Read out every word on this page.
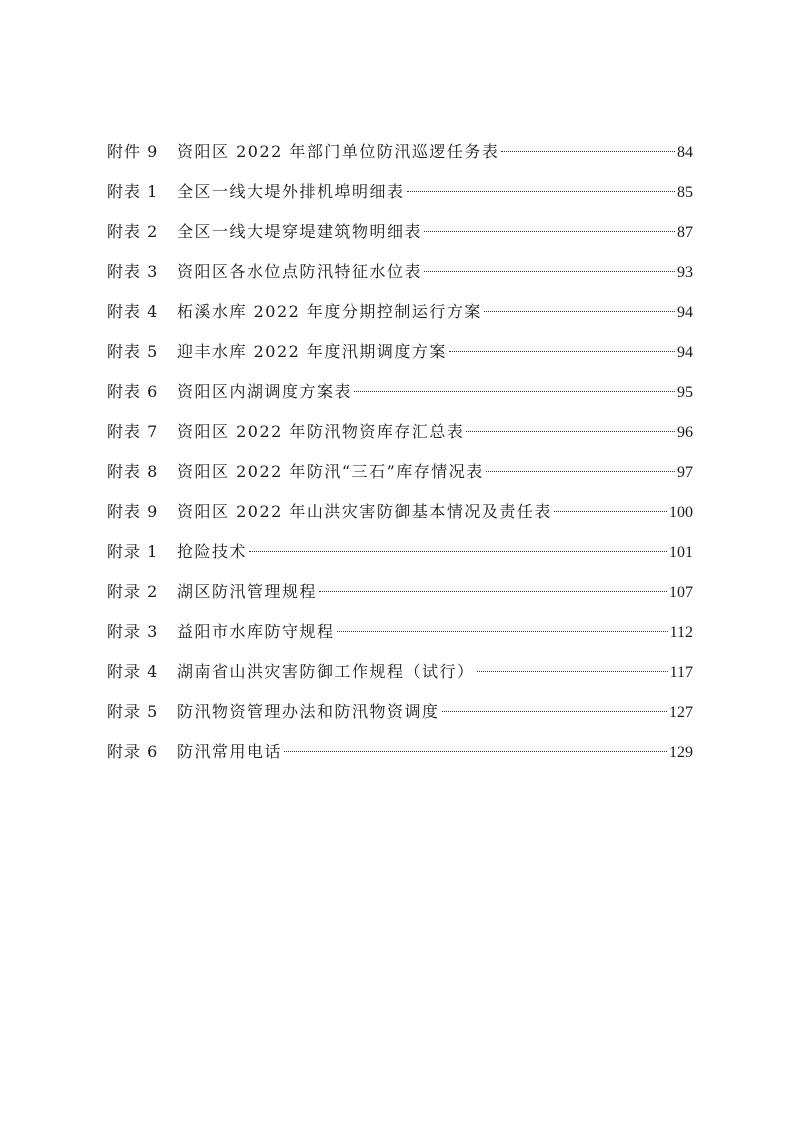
附件 9	资阳区 2022 年部门单位防汛巡逻任务表	84
附表 1	全区一线大堤外排机埠明细表	85
附表 2	全区一线大堤穿堤建筑物明细表	87
附表 3	资阳区各水位点防汛特征水位表	93
附表 4	柘溪水库 2022 年度分期控制运行方案	94
附表 5	迎丰水库 2022 年度汛期调度方案	94
附表 6	资阳区内湖调度方案表	95
附表 7	资阳区 2022 年防汛物资库存汇总表	96
附表 8	资阳区 2022 年防汛“三石”库存情况表	97
附表 9	资阳区 2022 年山洪灾害防御基本情况及责任表	100
附录 1	抢险技术	101
附录 2	湖区防汛管理规程	107
附录 3	益阳市水库防守规程	112
附录 4	湖南省山洪灾害防御工作规程（试行）	117
附录 5	防汛物资管理办法和防汛物资调度	127
附录 6	防汛常用电话	129
